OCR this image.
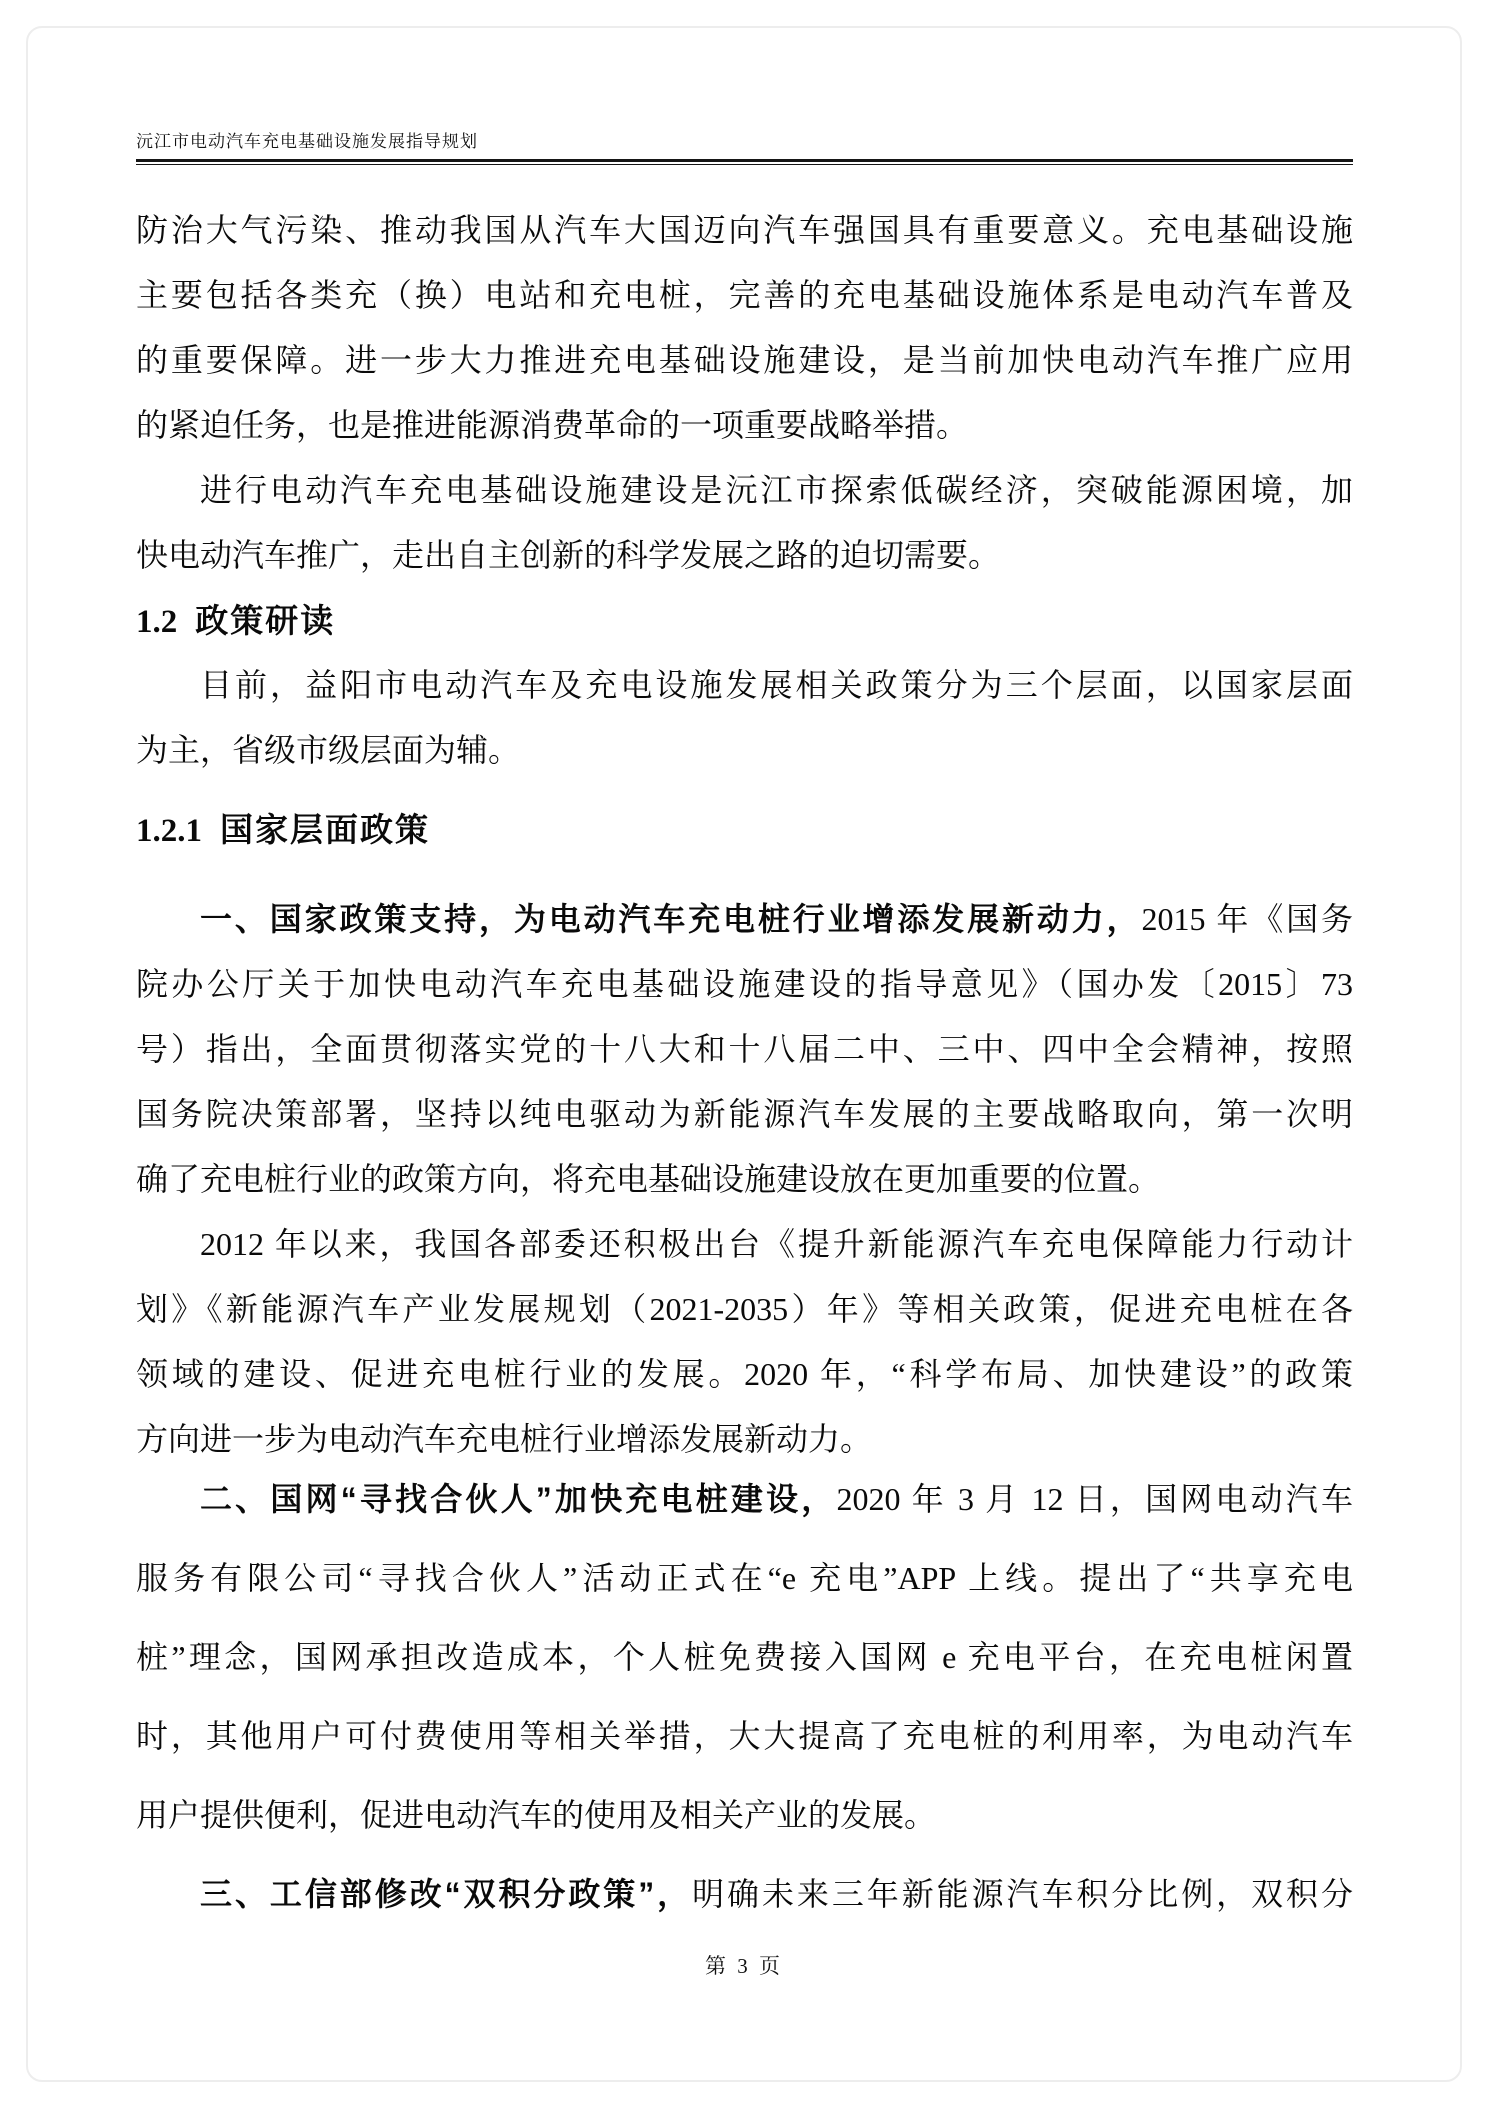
沅江市电动汽车充电基础设施发展指导规划
防治大气污染、推动我国从汽车大国迈向汽车强国具有重要意义。充电基础设施
主要包括各类充（换）电站和充电桩，完善的充电基础设施体系是电动汽车普及
的重要保障。进一步大力推进充电基础设施建设，是当前加快电动汽车推广应用
的紧迫任务，也是推进能源消费革命的一项重要战略举措。
进行电动汽车充电基础设施建设是沅江市探索低碳经济，突破能源困境，加
快电动汽车推广，走出自主创新的科学发展之路的迫切需要。
1.2 政策研读
目前，益阳市电动汽车及充电设施发展相关政策分为三个层面，以国家层面
为主，省级市级层面为辅。
1.2.1 国家层面政策
一、国家政策支持，为电动汽车充电桩行业增添发展新动力，2015 年《国务
院办公厅关于加快电动汽车充电基础设施建设的指导意见》（国办发〔2015〕73
号）指出，全面贯彻落实党的十八大和十八届二中、三中、四中全会精神，按照
国务院决策部署，坚持以纯电驱动为新能源汽车发展的主要战略取向，第一次明
确了充电桩行业的政策方向，将充电基础设施建设放在更加重要的位置。
2012 年以来，我国各部委还积极出台《提升新能源汽车充电保障能力行动计
划》《新能源汽车产业发展规划（2021-2035）年》等相关政策，促进充电桩在各
领域的建设、促进充电桩行业的发展。2020 年，“科学布局、加快建设”的政策
方向进一步为电动汽车充电桩行业增添发展新动力。
二、国网“寻找合伙人”加快充电桩建设，2020 年 3 月 12 日，国网电动汽车
服务有限公司“寻找合伙人”活动正式在“e 充电”APP 上线。提出了“共享充电
桩”理念，国网承担改造成本，个人桩免费接入国网 e 充电平台，在充电桩闲置
时，其他用户可付费使用等相关举措，大大提高了充电桩的利用率，为电动汽车
用户提供便利，促进电动汽车的使用及相关产业的发展。
三、工信部修改“双积分政策”，明确未来三年新能源汽车积分比例，双积分
第 3 页
